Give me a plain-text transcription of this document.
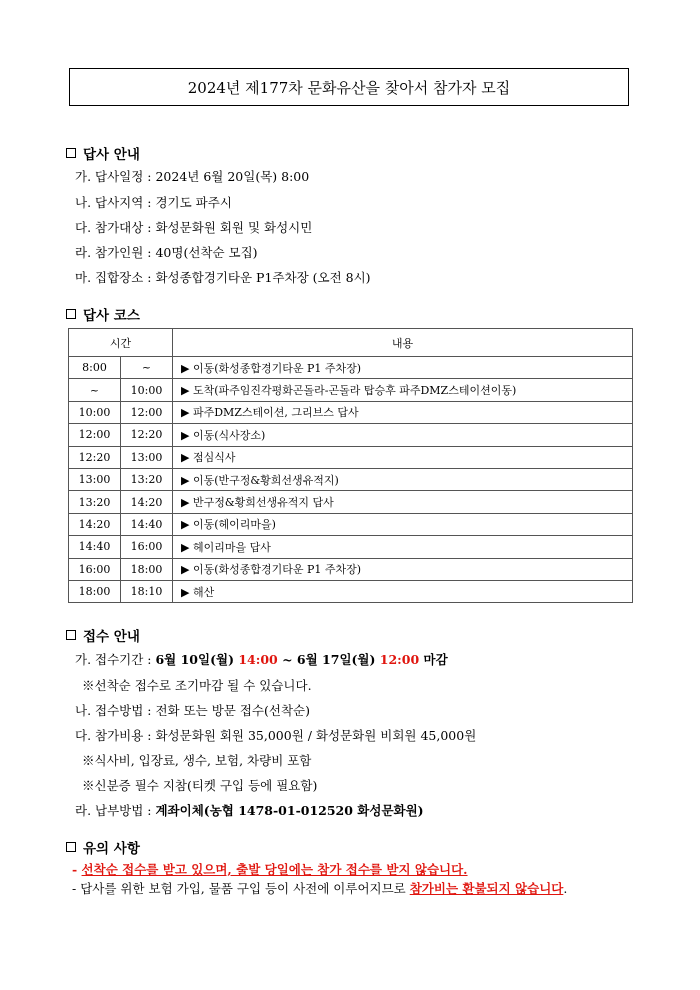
2024년 제177차 문화유산을 찾아서 참가자 모집
답사 안내
가. 답사일정 : 2024년 6월 20일(목) 8:00
나. 답사지역 : 경기도 파주시
다. 참가대상 : 화성문화원 회원 및 화성시민
라. 참가인원 : 40명(선착순 모집)
마. 집합장소 : 화성종합경기타운 P1주차장 (오전 8시)
답사 코스
시간		내용
8:00	~	▶ 이동(화성종합경기타운 P1 주차장)
~	10:00	▶ 도착(파주임진각평화곤돌라-곤돌라 탑승후 파주DMZ스테이션이동)
10:00	12:00	▶ 파주DMZ스테이션, 그리브스 답사
12:00	12:20	▶ 이동(식사장소)
12:20	13:00	▶ 점심식사
13:00	13:20	▶ 이동(반구정&황희선생유적지)
13:20	14:20	▶ 반구정&황희선생유적지 답사
14:20	14:40	▶ 이동(헤이리마을)
14:40	16:00	▶ 헤이리마을 답사
16:00	18:00	▶ 이동(화성종합경기타운 P1 주차장)
18:00	18:10	▶ 해산
접수 안내
가. 접수기간 : 6월 10일(월) 14:00 ~ 6월 17일(월) 12:00 마감
※선착순 접수로 조기마감 될 수 있습니다.
나. 접수방법 : 전화 또는 방문 접수(선착순)
다. 참가비용 : 화성문화원 회원 35,000원 / 화성문화원 비회원 45,000원
※식사비, 입장료, 생수, 보험, 차량비 포함
※신분증 필수 지참(티켓 구입 등에 필요함)
라. 납부방법 : 계좌이체(농협 1478-01-012520 화성문화원)
유의 사항
- 선착순 접수를 받고 있으며, 출발 당일에는 참가 접수를 받지 않습니다.
- 답사를 위한 보험 가입, 물품 구입 등이 사전에 이루어지므로 참가비는 환불되지 않습니다.
